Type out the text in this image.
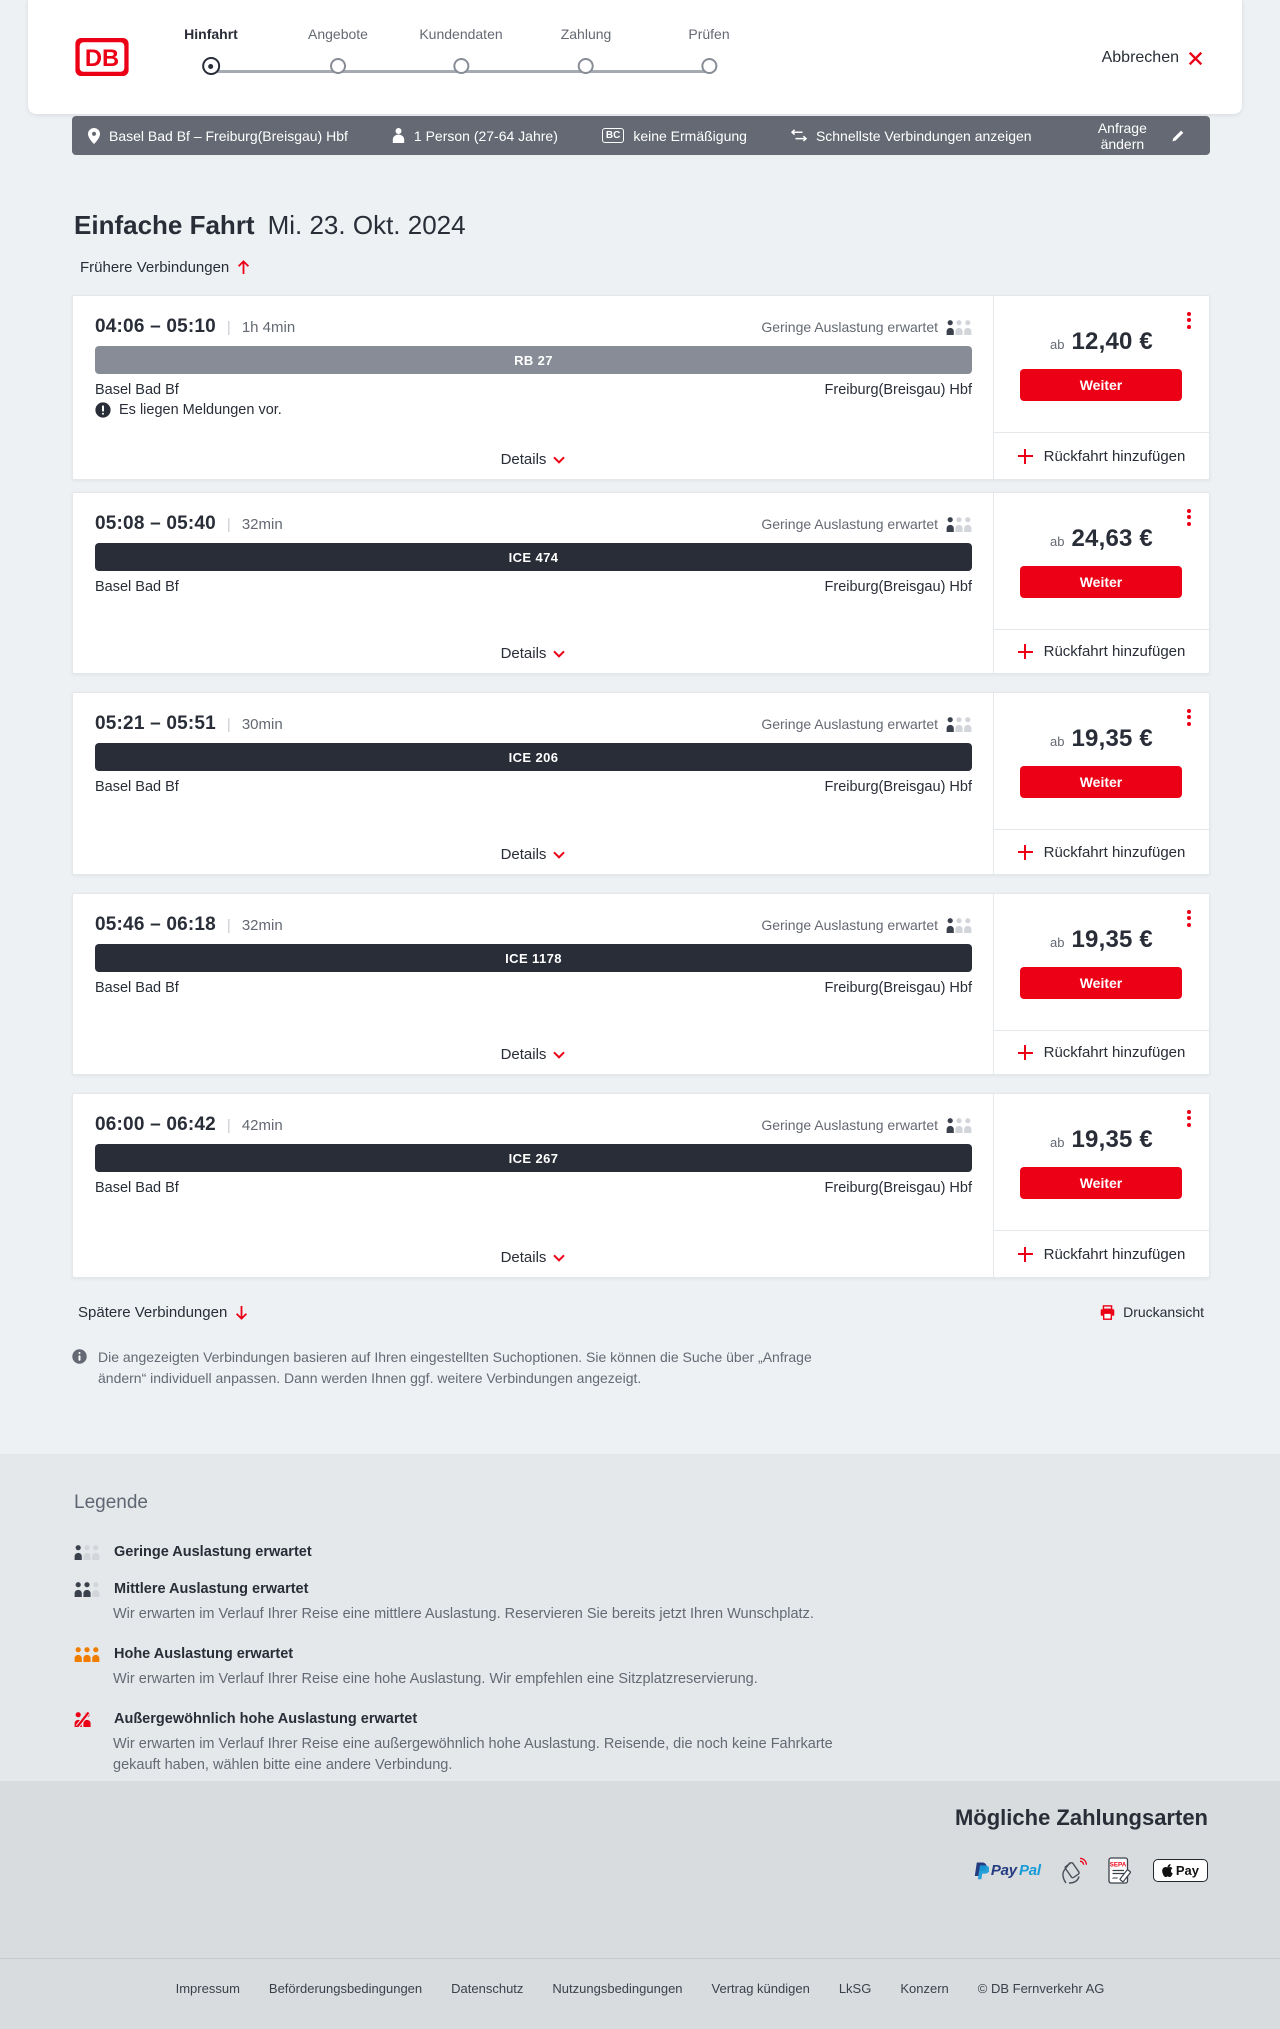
DB
Hinfahrt	Angebote	Kundendaten	Zahlung	Prüfen
Abbrechen
Basel Bad Bf – Freiburg(Breisgau) Hbf	1 Person (27-64 Jahre)	BC keine Ermäßigung	Schnellste Verbindungen anzeigen	Anfrage ändern
Einfache Fahrt Mi. 23. Okt. 2024
Frühere Verbindungen
04:06 – 05:10 | 1h 4min	Geringe Auslastung erwartet
RB 27
Basel Bad Bf	Freiburg(Breisgau) Hbf
Es liegen Meldungen vor.
Details
ab 12,40 €
Weiter
Rückfahrt hinzufügen
05:08 – 05:40 | 32min	Geringe Auslastung erwartet
ICE 474
Basel Bad Bf	Freiburg(Breisgau) Hbf
Details
ab 24,63 €
Weiter
Rückfahrt hinzufügen
05:21 – 05:51 | 30min	Geringe Auslastung erwartet
ICE 206
Basel Bad Bf	Freiburg(Breisgau) Hbf
Details
ab 19,35 €
Weiter
Rückfahrt hinzufügen
05:46 – 06:18 | 32min	Geringe Auslastung erwartet
ICE 1178
Basel Bad Bf	Freiburg(Breisgau) Hbf
Details
ab 19,35 €
Weiter
Rückfahrt hinzufügen
06:00 – 06:42 | 42min	Geringe Auslastung erwartet
ICE 267
Basel Bad Bf	Freiburg(Breisgau) Hbf
Details
ab 19,35 €
Weiter
Rückfahrt hinzufügen
Spätere Verbindungen	Druckansicht

Die angezeigten Verbindungen basieren auf Ihren eingestellten Suchoptionen. Sie können die Suche über „Anfrage ändern“ individuell anpassen. Dann werden Ihnen ggf. weitere Verbindungen angezeigt.

Legende
Geringe Auslastung erwartet
Mittlere Auslastung erwartet

Wir erwarten im Verlauf Ihrer Reise eine mittlere Auslastung. Reservieren Sie bereits jetzt Ihren Wunschplatz.

Hohe Auslastung erwartet

Wir erwarten im Verlauf Ihrer Reise eine hohe Auslastung. Wir empfehlen eine Sitzplatzreservierung.

Außergewöhnlich hohe Auslastung erwartet

Wir erwarten im Verlauf Ihrer Reise eine außergewöhnlich hohe Auslastung. Reisende, die noch keine Fahrkarte gekauft haben, wählen bitte eine andere Verbindung.

Mögliche Zahlungsarten
Pay Pal	SEPA	Pay
Impressum Beförderungsbedingungen Datenschutz Nutzungsbedingungen Vertrag kündigen LkSG Konzern © DB Fernverkehr AG
